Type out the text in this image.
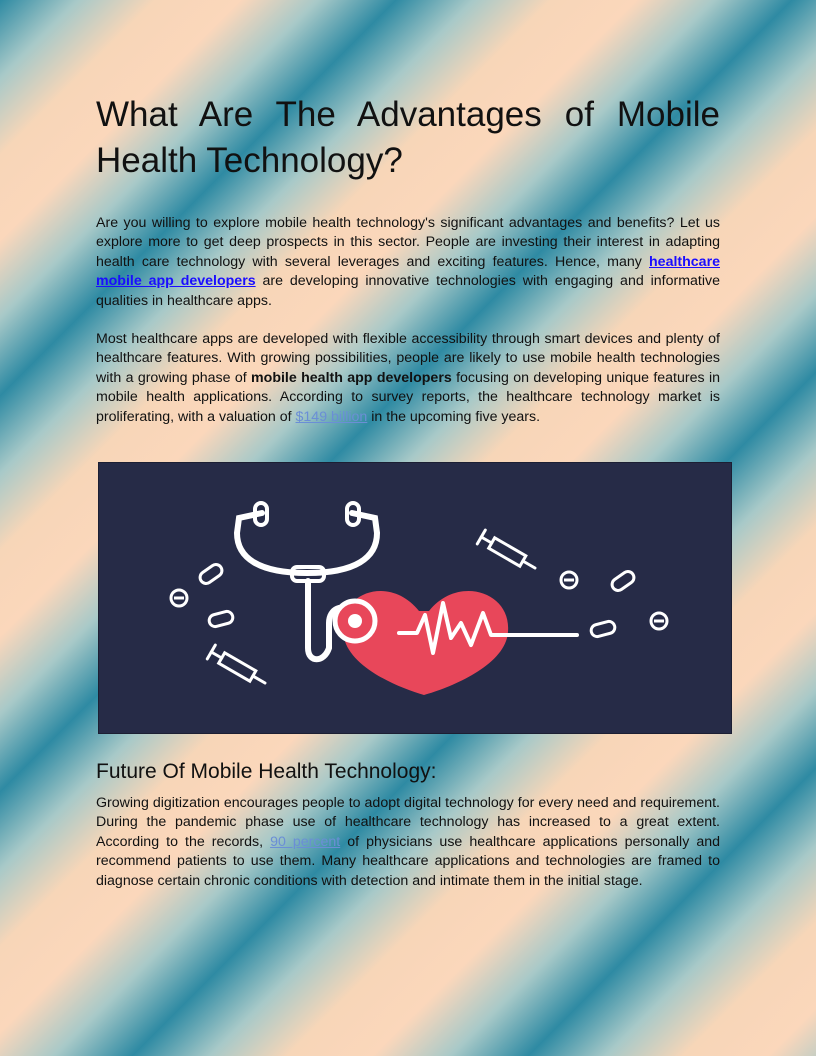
What Are The Advantages of Mobile
Health Technology?

Are you willing to explore mobile health technology's significant advantages and benefits? Let us explore more to get deep prospects in this sector. People are investing their interest in adapting health care technology with several leverages and exciting features. Hence, many healthcare mobile app developers are developing innovative technologies with engaging and informative qualities in healthcare apps.

Most healthcare apps are developed with flexible accessibility through smart devices and plenty of healthcare features. With growing possibilities, people are likely to use mobile health technologies with a growing phase of mobile health app developers focusing on developing unique features in mobile health applications. According to survey reports, the healthcare technology market is proliferating, with a valuation of $149 billion in the upcoming five years.

Future Of Mobile Health Technology:

Growing digitization encourages people to adopt digital technology for every need and requirement. During the pandemic phase use of healthcare technology has increased to a great extent. According to the records, 90 percent of physicians use healthcare applications personally and recommend patients to use them. Many healthcare applications and technologies are framed to diagnose certain chronic conditions with detection and intimate them in the initial stage.
